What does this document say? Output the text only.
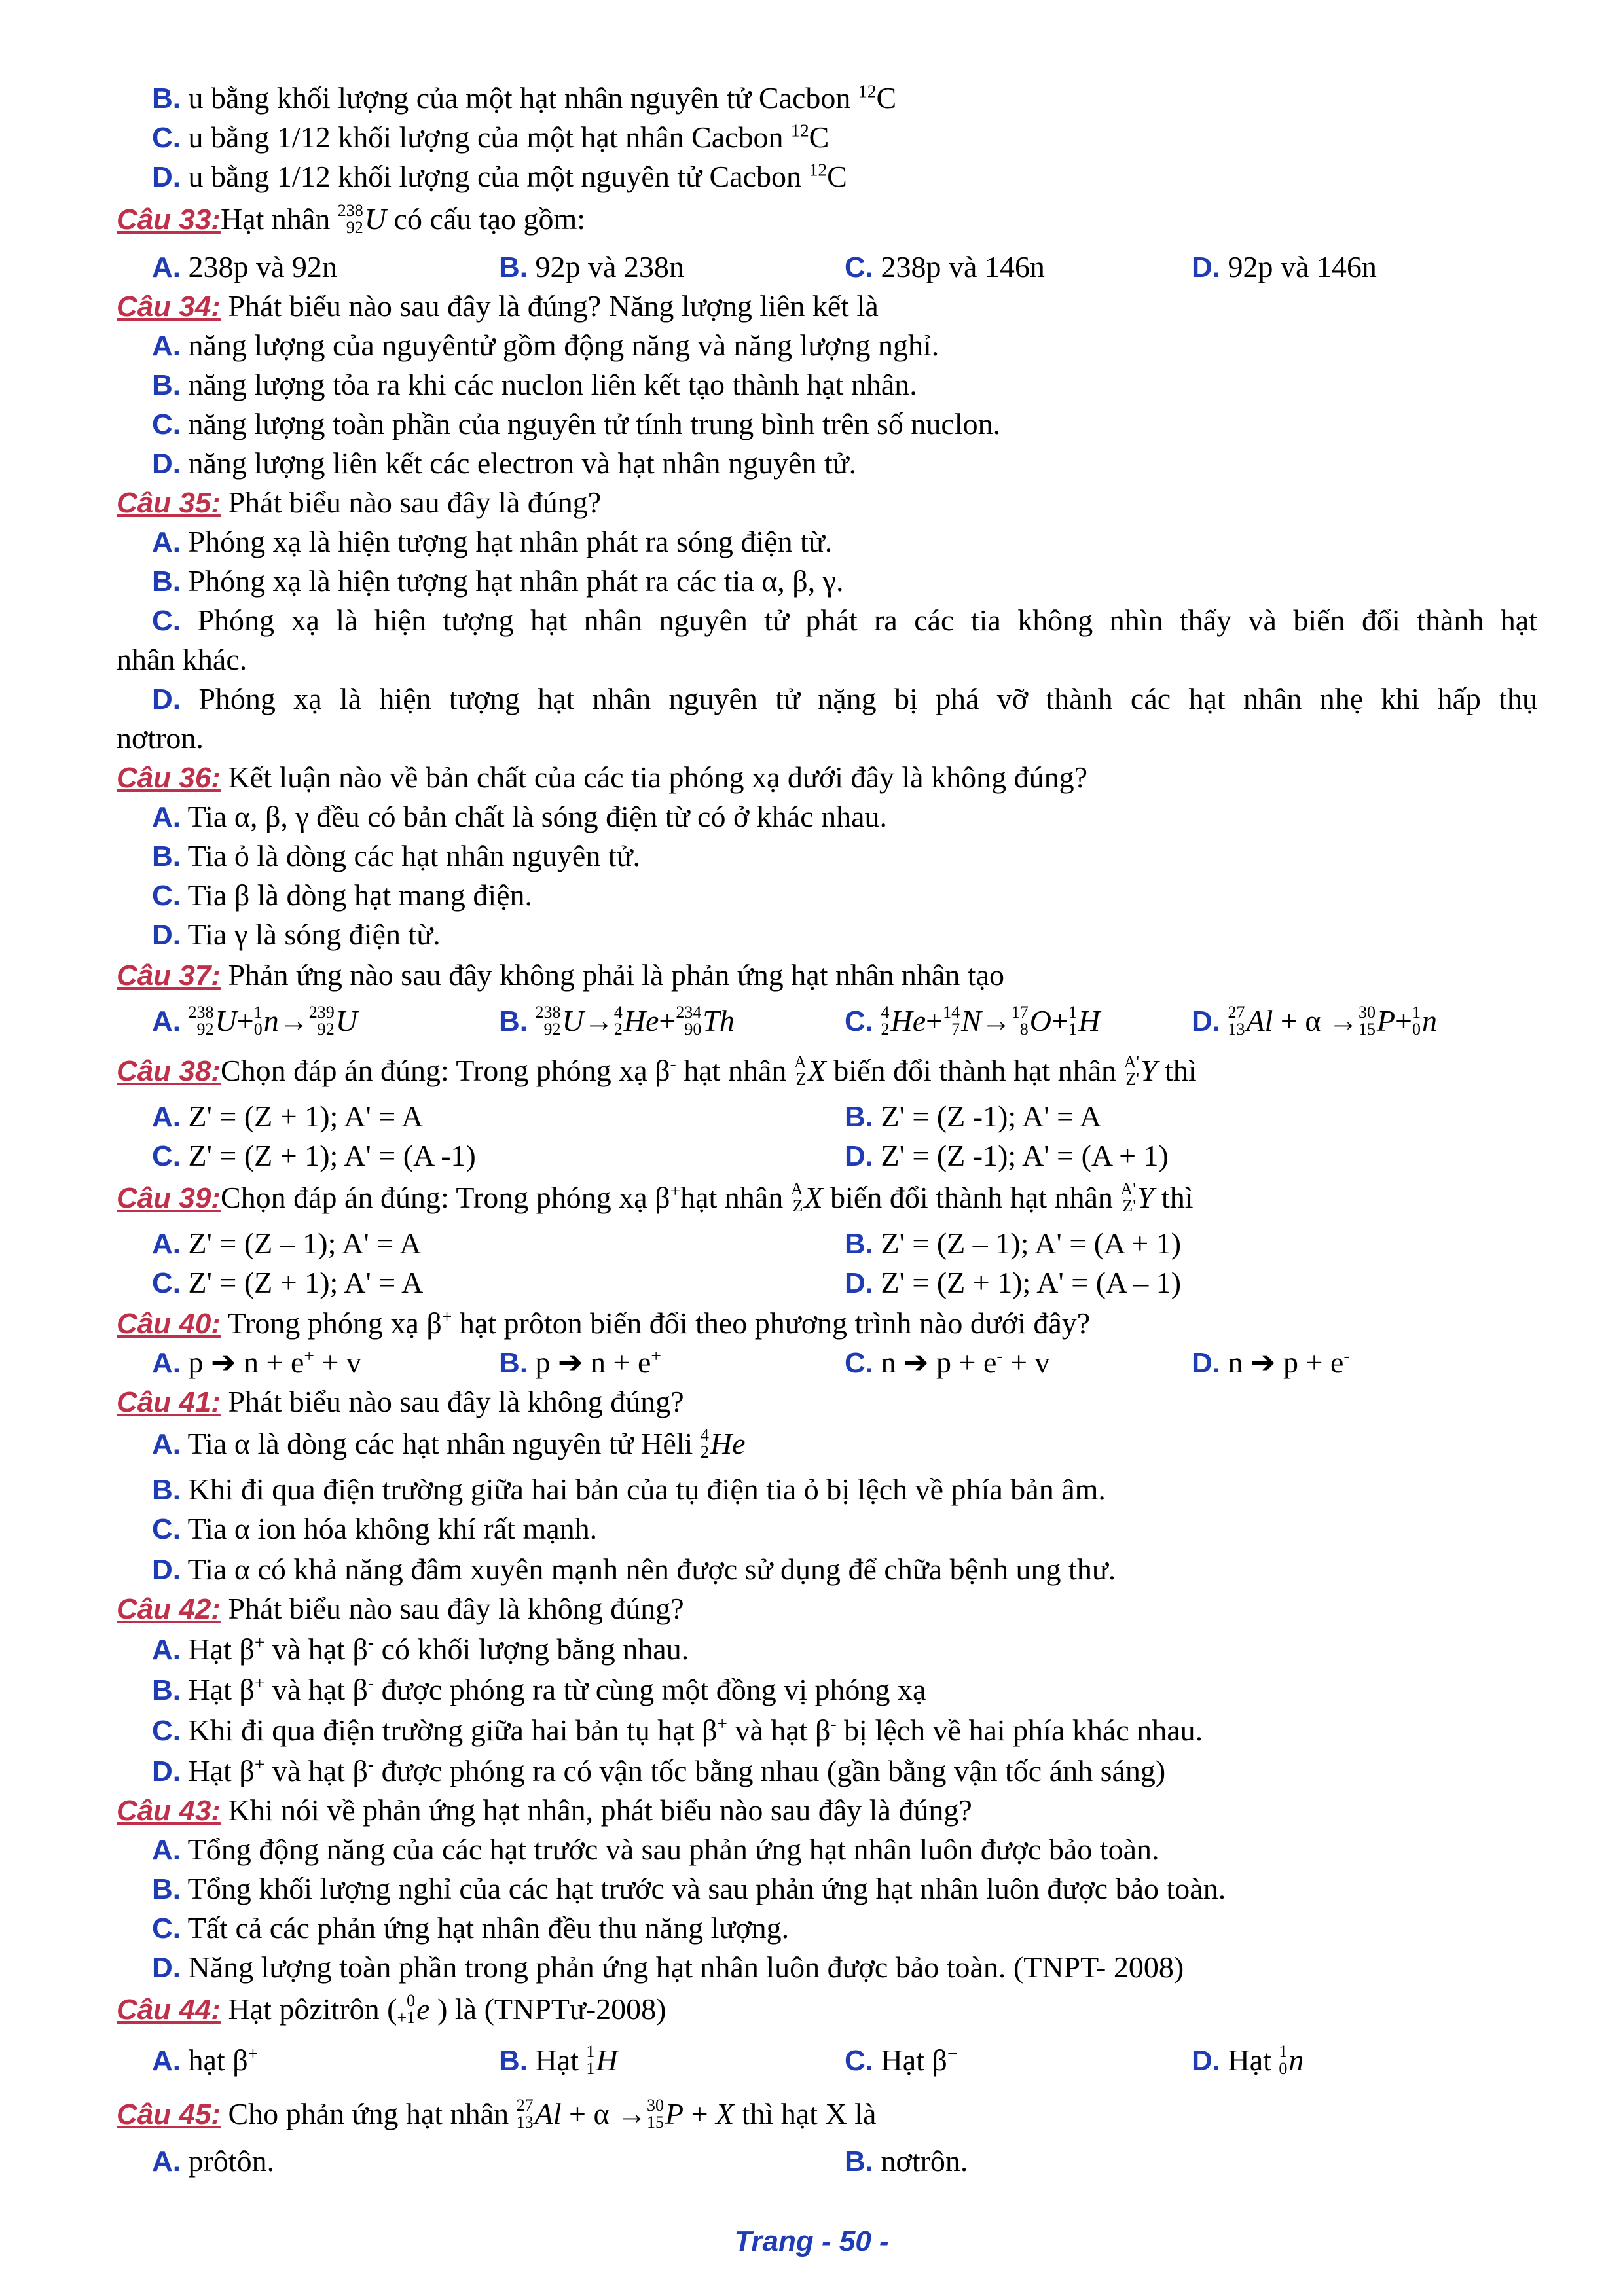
B. u bằng khối lượng của một hạt nhân nguyên tử Cacbon $^{12}$C
C. u bằng 1/12 khối lượng của một hạt nhân Cacbon $^{12}$C
D. u bằng 1/12 khối lượng của một nguyên tử Cacbon $^{12}$C
Câu 33:Hạt nhân 238
92 U có cấu tạo gồm:
A. 238p và 92n	B. 92p và 238n	C. 238p và 146n	D. 92p và 146n
Câu 34: Phát biểu nào sau đây là đúng? Năng lượng liên kết là
A. năng lượng của nguyêntử gồm động năng và năng lượng nghỉ.
B. năng lượng tỏa ra khi các nuclon liên kết tạo thành hạt nhân.
C. năng lượng toàn phần của nguyên tử tính trung bình trên số nuclon.
D. năng lượng liên kết các electron và hạt nhân nguyên tử.
Câu 35: Phát biểu nào sau đây là đúng?
A. Phóng xạ là hiện tượng hạt nhân phát ra sóng điện từ.
B. Phóng xạ là hiện tượng hạt nhân phát ra các tia α, β, γ.
C. Phóng xạ là hiện tượng hạt nhân nguyên tử phát ra các tia không nhìn thấy và biến đổi thành hạt
nhân khác.
D. Phóng xạ là hiện tượng hạt nhân nguyên tử nặng bị phá vỡ thành các hạt nhân nhẹ khi hấp thụ
nơtron.
Câu 36: Kết luận nào về bản chất của các tia phóng xạ dưới đây là không đúng?
A. Tia α, β, γ đều có bản chất là sóng điện từ có ở khác nhau.
B. Tia ỏ là dòng các hạt nhân nguyên tử.
C. Tia β là dòng hạt mang điện.
D. Tia γ là sóng điện từ.
Câu 37: Phản ứng nào sau đây không phải là phản ứng hạt nhân nhân tạo
A. 238
92 U+ 1
0 n→ 239
92 U	B. 238
92 U→ 4
2 He+ 234
90 Th	C. 4
2 He+ 14
7 N→ 17
8 O+ 1
1 H	D. 27
13 Al + α → 30
15 P+ 1
0 n
Câu 38:Chọn đáp án đúng: Trong phóng xạ β- hạt nhân A
Z X biến đổi thành hạt nhân A'
Z' Y thì
A. Z' = (Z + 1); A' = A	B. Z' = (Z -1); A' = A
C. Z' = (Z + 1); A' = (A -1)	D. Z' = (Z -1); A' = (A + 1)
Câu 39:Chọn đáp án đúng: Trong phóng xạ β+hạt nhân A
Z X biến đổi thành hạt nhân A'
Z' Y thì
A. Z' = (Z – 1); A' = A	B. Z' = (Z – 1); A' = (A + 1)
C. Z' = (Z + 1); A' = A	D. Z' = (Z + 1); A' = (A – 1)
Câu 40: Trong phóng xạ β+ hạt prôton biến đổi theo phương trình nào dưới đây?
A. p ➔ n + e+ + v	B. p ➔ n + e+	C. n ➔ p + e- + v	D. n ➔ p + e-
Câu 41: Phát biểu nào sau đây là không đúng?
A. Tia α là dòng các hạt nhân nguyên tử Hêli 4
2 He
B. Khi đi qua điện trường giữa hai bản của tụ điện tia ỏ bị lệch về phía bản âm.
C. Tia α ion hóa không khí rất mạnh.
D. Tia α có khả năng đâm xuyên mạnh nên được sử dụng để chữa bệnh ung thư.
Câu 42: Phát biểu nào sau đây là không đúng?
A. Hạt β+ và hạt β- có khối lượng bằng nhau.
B. Hạt β+ và hạt β- được phóng ra từ cùng một đồng vị phóng xạ
C. Khi đi qua điện trường giữa hai bản tụ hạt β+ và hạt β- bị lệch về hai phía khác nhau.
D. Hạt β+ và hạt β- được phóng ra có vận tốc bằng nhau (gần bằng vận tốc ánh sáng)
Câu 43: Khi nói về phản ứng hạt nhân, phát biểu nào sau đây là đúng?
A. Tổng động năng của các hạt trước và sau phản ứng hạt nhân luôn được bảo toàn.
B. Tổng khối lượng nghỉ của các hạt trước và sau phản ứng hạt nhân luôn được bảo toàn.
C. Tất cả các phản ứng hạt nhân đều thu năng lượng.
D. Năng lượng toàn phần trong phản ứng hạt nhân luôn được bảo toàn. (TNPT- 2008)
Câu 44: Hạt pôzitrôn ( 0
+1 e ) là (TNPTư-2008)
A. hạt β+	B. Hạt 1
1 H	C. Hạt β−	D. Hạt 1
0 n
Câu 45: Cho phản ứng hạt nhân 27
13 Al + α → 30
15 P + X thì hạt X là
A. prôtôn.	B. nơtrôn.
Trang - 50 -
